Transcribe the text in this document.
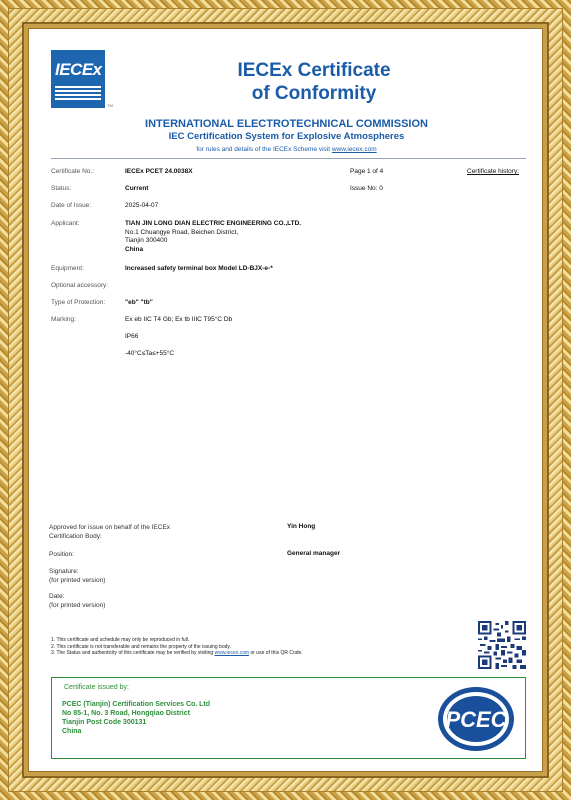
IECEx
TM
IECEx Certificate
of Conformity
INTERNATIONAL ELECTROTECHNICAL COMMISSION
IEC Certification System for Explosive Atmospheres
for rules and details of the IECEx Scheme visit www.iecex.com
Certificate No.:	IECEx PCET 24.0038X	Page 1 of 4	Certificate history:
Status:	Current	Issue No: 0
Date of Issue:	2025-04-07
Applicant:	TIAN JIN LONG DIAN ELECTRIC ENGINEERING CO.,LTD.
No.1 Chuangye Road, Beichen District,
Tianjin 300400
China
Equipment:	Increased safety terminal box Model LD-BJX-e-*
Optional accessory:
Type of Protection:	"eb" "tb"
Marking:	Ex eb IIC T4 Gb; Ex tb IIIC T95°C Db
IP66
-40°C≤Ta≤+55°C
Approved for issue on behalf of the IECEx
Certification Body:
Yin Hong
Position:	General manager
Signature:
(for printed version)
Date:
(for printed version)
1. This certificate and schedule may only be reproduced in full.
2. This certificate is not transferable and remains the property of the issuing body.
3. The Status and authenticity of this certificate may be verified by visiting www.iecex.com or use of this QR Code.
Certificate issued by:
PCEC (Tianjin) Certification Services Co. Ltd
No 85-1, No. 3 Road, Hongqiao District
Tianjin Post Code 300131
China	PCEC
